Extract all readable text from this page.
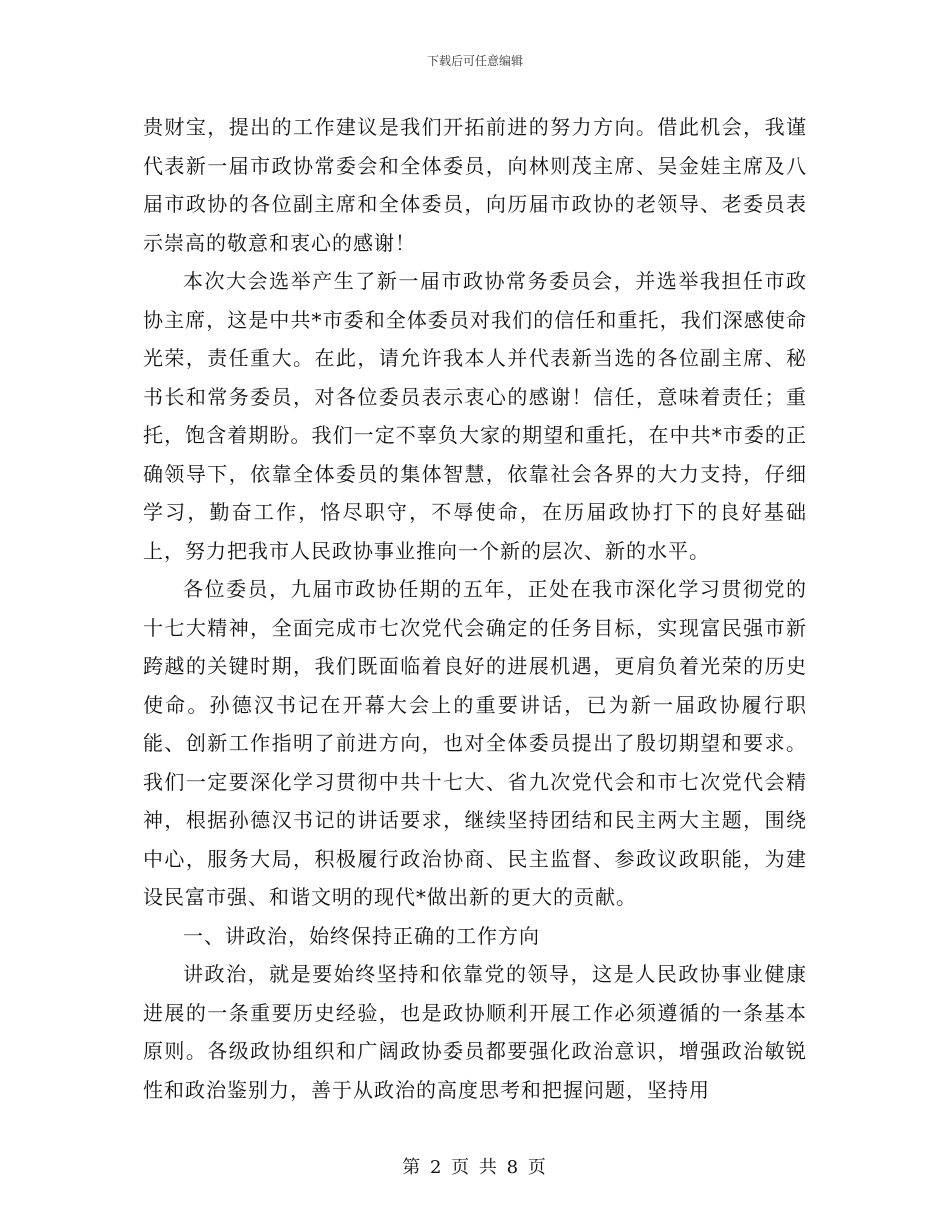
下载后可任意编辑

贵财宝，提出的工作建议是我们开拓前进的努力方向。借此机会，我谨代表新一届市政协常委会和全体委员，向林则茂主席、吴金娃主席及八届市政协的各位副主席和全体委员，向历届市政协的老领导、老委员表示崇高的敬意和衷心的感谢！

本次大会选举产生了新一届市政协常务委员会，并选举我担任市政协主席，这是中共*市委和全体委员对我们的信任和重托，我们深感使命光荣，责任重大。在此，请允许我本人并代表新当选的各位副主席、秘书长和常务委员，对各位委员表示衷心的感谢！信任，意味着责任；重托，饱含着期盼。我们一定不辜负大家的期望和重托，在中共*市委的正确领导下，依靠全体委员的集体智慧，依靠社会各界的大力支持，仔细学习，勤奋工作，恪尽职守，不辱使命，在历届政协打下的良好基础上，努力把我市人民政协事业推向一个新的层次、新的水平。

各位委员，九届市政协任期的五年，正处在我市深化学习贯彻党的十七大精神，全面完成市七次党代会确定的任务目标，实现富民强市新跨越的关键时期，我们既面临着良好的进展机遇，更肩负着光荣的历史使命。孙德汉书记在开幕大会上的重要讲话，已为新一届政协履行职能、创新工作指明了前进方向，也对全体委员提出了殷切期望和要求。我们一定要深化学习贯彻中共十七大、省九次党代会和市七次党代会精神，根据孙德汉书记的讲话要求，继续坚持团结和民主两大主题，围绕中心，服务大局，积极履行政治协商、民主监督、参政议政职能，为建设民富市强、和谐文明的现代*做出新的更大的贡献。

一、讲政治，始终保持正确的工作方向

讲政治，就是要始终坚持和依靠党的领导，这是人民政协事业健康进展的一条重要历史经验，也是政协顺利开展工作必须遵循的一条基本原则。各级政协组织和广阔政协委员都要强化政治意识，增强政治敏锐性和政治鉴别力，善于从政治的高度思考和把握问题，坚持用

第 2 页 共 8 页
